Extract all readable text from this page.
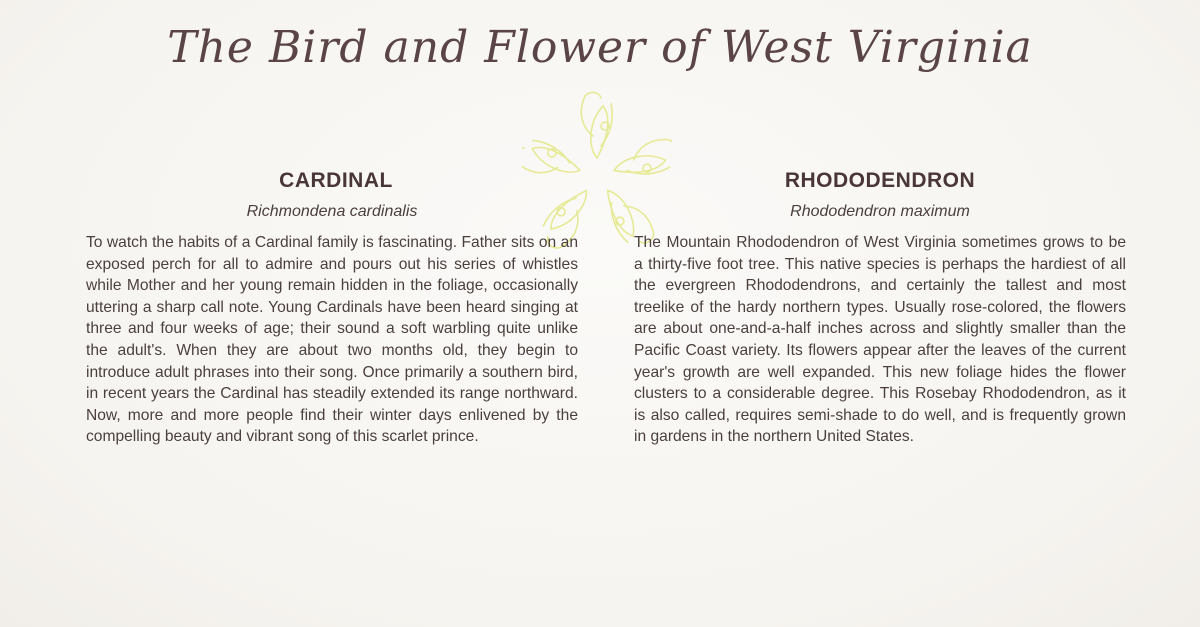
The Bird and Flower of West Virginia
CARDINAL

Richmondena cardinalis

To watch the habits of a Cardinal family is fascinating. Father sits on an exposed perch for all to admire and pours out his series of whistles while Mother and her young remain hidden in the foliage, occasionally uttering a sharp call note. Young Cardinals have been heard singing at three and four weeks of age; their sound a soft warbling quite unlike the adult's. When they are about two months old, they begin to introduce adult phrases into their song. Once primarily a southern bird, in recent years the Cardinal has steadily extended its range northward. Now, more and more people find their winter days enlivened by the compelling beauty and vibrant song of this scarlet prince.

RHODODENDRON

Rhododendron maximum

The Mountain Rhododendron of West Virginia sometimes grows to be a thirty-five foot tree. This native species is perhaps the hardiest of all the evergreen Rhododendrons, and certainly the tallest and most treelike of the hardy northern types. Usually rose-colored, the flowers are about one-and-a-half inches across and slightly smaller than the Pacific Coast variety. Its flowers appear after the leaves of the current year's growth are well expanded. This new foliage hides the flower clusters to a considerable degree. This Rosebay Rhododendron, as it is also called, requires semi-shade to do well, and is frequently grown in gardens in the northern United States.
